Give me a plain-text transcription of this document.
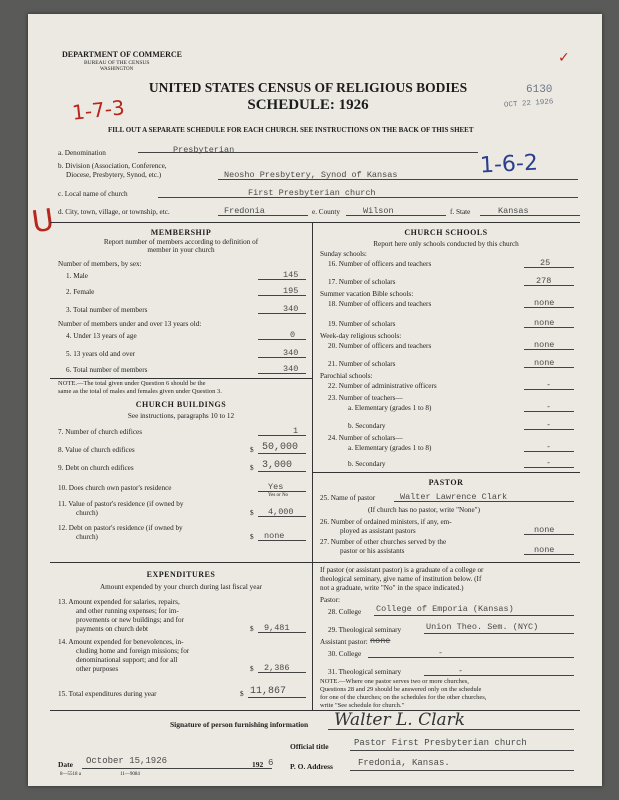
DEPARTMENT OF COMMERCE
BUREAU OF THE CENSUS
WASHINGTON
UNITED STATES CENSUS OF RELIGIOUS BODIES
SCHEDULE: 1926
FILL OUT A SEPARATE SCHEDULE FOR EACH CHURCH. SEE INSTRUCTIONS ON THE BACK OF THIS SHEET
6130
OCT 22 1926
✓
1-7-3
1-6-2
U
a. Denomination	Presbyterian
b. Division (Association, Conference,
Diocese, Presbytery, Synod, etc.)	Neosho Presbytery, Synod of Kansas
c. Local name of church	First Presbyterian church
d. City, town, village, or township, etc.	Fredonia	e. County	Wilson	f. State	Kansas
MEMBERSHIP
Report number of members according to definition of
member in your church
Number of members, by sex:
1. Male	145
2. Female	195
3. Total number of members	340
Number of members under and over 13 years old:
4. Under 13 years of age	0
5. 13 years old and over	340
6. Total number of members	340
NOTE.—The total given under Question 6 should be the
same as the total of males and females given under Question 3.
CHURCH BUILDINGS
See instructions, paragraphs 10 to 12
7. Number of church edifices	1
8. Value of church edifices	$ 50,000
9. Debt on church edifices	$ 3,000
10. Does church own pastor's residence	Yes
Yes or No
11. Value of pastor's residence (if owned by
church)	$ 4,000
12. Debt on pastor's residence (if owned by
church)	$ none
EXPENDITURES
Amount expended by your church during last fiscal year
13. Amount expended for salaries, repairs,
and other running expenses; for im-
provements or new buildings; and for
payments on church debt	$ 9,481
14. Amount expended for benevolences, in-
cluding home and foreign missions; for
denominational support; and for all
other purposes	$ 2,386
15. Total expenditures during year	$ 11,867
CHURCH SCHOOLS
Report here only schools conducted by this church
Sunday schools:
16. Number of officers and teachers	25
17. Number of scholars	278
Summer vacation Bible schools:
18. Number of officers and teachers	none
19. Number of scholars	none
Week-day religious schools:
20. Number of officers and teachers	none
21. Number of scholars	none
Parochial schools:
22. Number of administrative officers	-
23. Number of teachers—
a. Elementary (grades 1 to 8)	-
b. Secondary	-
24. Number of scholars—
a. Elementary (grades 1 to 8)	-
b. Secondary	-
PASTOR
25. Name of pastor	Walter Lawrence Clark
(If church has no pastor, write "None")
26. Number of ordained ministers, if any, em-
ployed as assistant pastors	none
27. Number of other churches served by the
pastor or his assistants	none
If pastor (or assistant pastor) is a graduate of a college or
theological seminary, give name of institution below. (If
not a graduate, write "No" in the space indicated.)
Pastor:
28. College College of Emporia (Kansas)
29. Theological seminary	Union Theo. Sem. (NYC)
Assistant pastor: none
30. College	-
31. Theological seminary	-
NOTE.—Where one pastor serves two or more churches,
Questions 28 and 29 should be answered only on the schedule
for one of the churches; on the schedules for the other churches,
write "See schedule for church."
Signature of person furnishing information Walter L. Clark
Official title	Pastor First Presbyterian church
Date October 15,1926	192 6 P. O. Address	Fredonia, Kansas.
8—5518 a	11—9084
